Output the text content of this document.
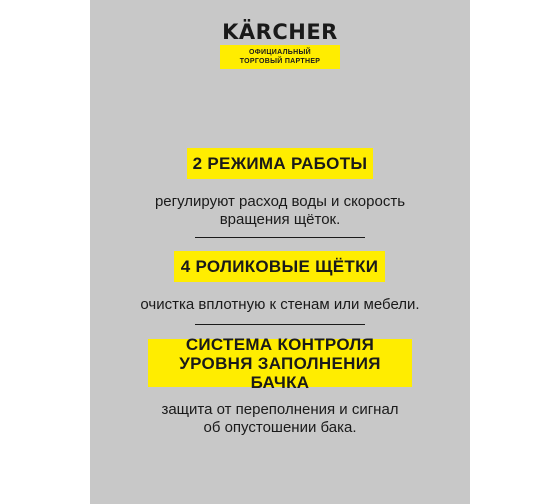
KÄRCHER
ОФИЦИАЛЬНЫЙ
ТОРГОВЫЙ ПАРТНЕР
2 РЕЖИМА РАБОТЫ
регулируют расход воды и скорость
вращения щёток.
4 РОЛИКОВЫЕ ЩЁТКИ
очистка вплотную к стенам или мебели.
СИСТЕМА КОНТРОЛЯ
УРОВНЯ ЗАПОЛНЕНИЯ БАЧКА
защита от переполнения и сигнал
об опустошении бака.
